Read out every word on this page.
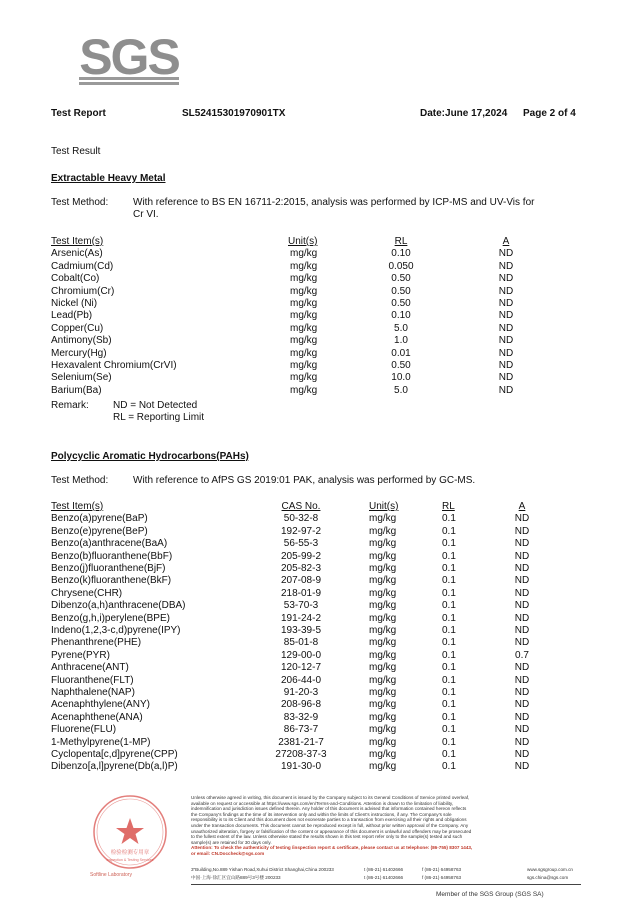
SGS
Test Report	SL52415301970901TX	Date:June 17,2024 Page 2 of 4
Test Result
Extractable Heavy Metal
Test Method: With reference to BS EN 16711-2:2015, analysis was performed by ICP-MS and UV-Vis for
Cr VI.
Test Item(s)	Unit(s)	RL	A
Arsenic(As)	mg/kg	0.10	ND
Cadmium(Cd)	mg/kg	0.050	ND
Cobalt(Co)	mg/kg	0.50	ND
Chromium(Cr)	mg/kg	0.50	ND
Nickel (Ni)	mg/kg	0.50	ND
Lead(Pb)	mg/kg	0.10	ND
Copper(Cu)	mg/kg	5.0	ND
Antimony(Sb)	mg/kg	1.0	ND
Mercury(Hg)	mg/kg	0.01	ND
Hexavalent Chromium(CrVI)	mg/kg	0.50	ND
Selenium(Se)	mg/kg	10.0	ND
Barium(Ba)	mg/kg	5.0	ND
Remark: ND = Not Detected
RL = Reporting Limit
Polycyclic Aromatic Hydrocarbons(PAHs)
Test Method: With reference to AfPS GS 2019:01 PAK, analysis was performed by GC-MS.
Test Item(s)	CAS No.	Unit(s)	RL	A
Benzo(a)pyrene(BaP)	50-32-8	mg/kg	0.1	ND
Benzo(e)pyrene(BeP)	192-97-2	mg/kg	0.1	ND
Benzo(a)anthracene(BaA)	56-55-3	mg/kg	0.1	ND
Benzo(b)fluoranthene(BbF)	205-99-2	mg/kg	0.1	ND
Benzo(j)fluoranthene(BjF)	205-82-3	mg/kg	0.1	ND
Benzo(k)fluoranthene(BkF)	207-08-9	mg/kg	0.1	ND
Chrysene(CHR)	218-01-9	mg/kg	0.1	ND
Dibenzo(a,h)anthracene(DBA)	53-70-3	mg/kg	0.1	ND
Benzo(g,h,i)perylene(BPE)	191-24-2	mg/kg	0.1	ND
Indeno(1,2,3-c,d)pyrene(IPY)	193-39-5	mg/kg	0.1	ND
Phenanthrene(PHE)	85-01-8	mg/kg	0.1	ND
Pyrene(PYR)	129-00-0	mg/kg	0.1	0.7
Anthracene(ANT)	120-12-7	mg/kg	0.1	ND
Fluoranthene(FLT)	206-44-0	mg/kg	0.1	ND
Naphthalene(NAP)	91-20-3	mg/kg	0.1	ND
Acenaphthylene(ANY)	208-96-8	mg/kg	0.1	ND
Acenaphthene(ANA)	83-32-9	mg/kg	0.1	ND
Fluorene(FLU)	86-73-7	mg/kg	0.1	ND
1-Methylpyrene(1-MP)	2381-21-7	mg/kg	0.1	ND
Cyclopenta[c,d]pyrene(CPP)	27208-37-3	mg/kg	0.1	ND
Dibenzo[a,l]pyrene(Db(a,l)P)	191-30-0	mg/kg	0.1	ND
检验检测专用章
Inspection & Testing Services
Softline Laboratory
Unless otherwise agreed in writing, this document is issued by the Company subject to its General Conditions of Service printed overleaf,
available on request or accessible at https://www.sgs.com/en/Terms-and-Conditions. Attention is drawn to the limitation of liability,
indemnification and jurisdiction issues defined therein. Any holder of this document is advised that information contained hereon reflects
the Company's findings at the time of its intervention only and within the limits of Client's instructions, if any. The Company's sole
responsibility is to its Client and this document does not exonerate parties to a transaction from exercising all their rights and obligations
under the transaction documents. This document cannot be reproduced except in full, without prior written approval of the Company. Any
unauthorized alteration, forgery or falsification of the content or appearance of this document is unlawful and offenders may be prosecuted
to the fullest extent of the law. Unless otherwise stated the results shown in this test report refer only to the sample(s) tested and such
sample(s) are retained for 30 days only.
Attention: To check the authenticity of testing /inspection report & certificate, please contact us at telephone: (86-755) 8307 1443,
or email: CN.Doccheck@sgs.com
3″Building,No.889 Yishan Road,Xuhui District Shanghai,China 200233
中国·上海·徐汇区宜山路889号3号楼 200233
t (86-21) 61402666
t (86-21) 61402666
f (86-21) 64958763
f (86-21) 64958763
www.sgsgroup.com.cn
sgs.china@sgs.com
Member of the SGS Group (SGS SA)
